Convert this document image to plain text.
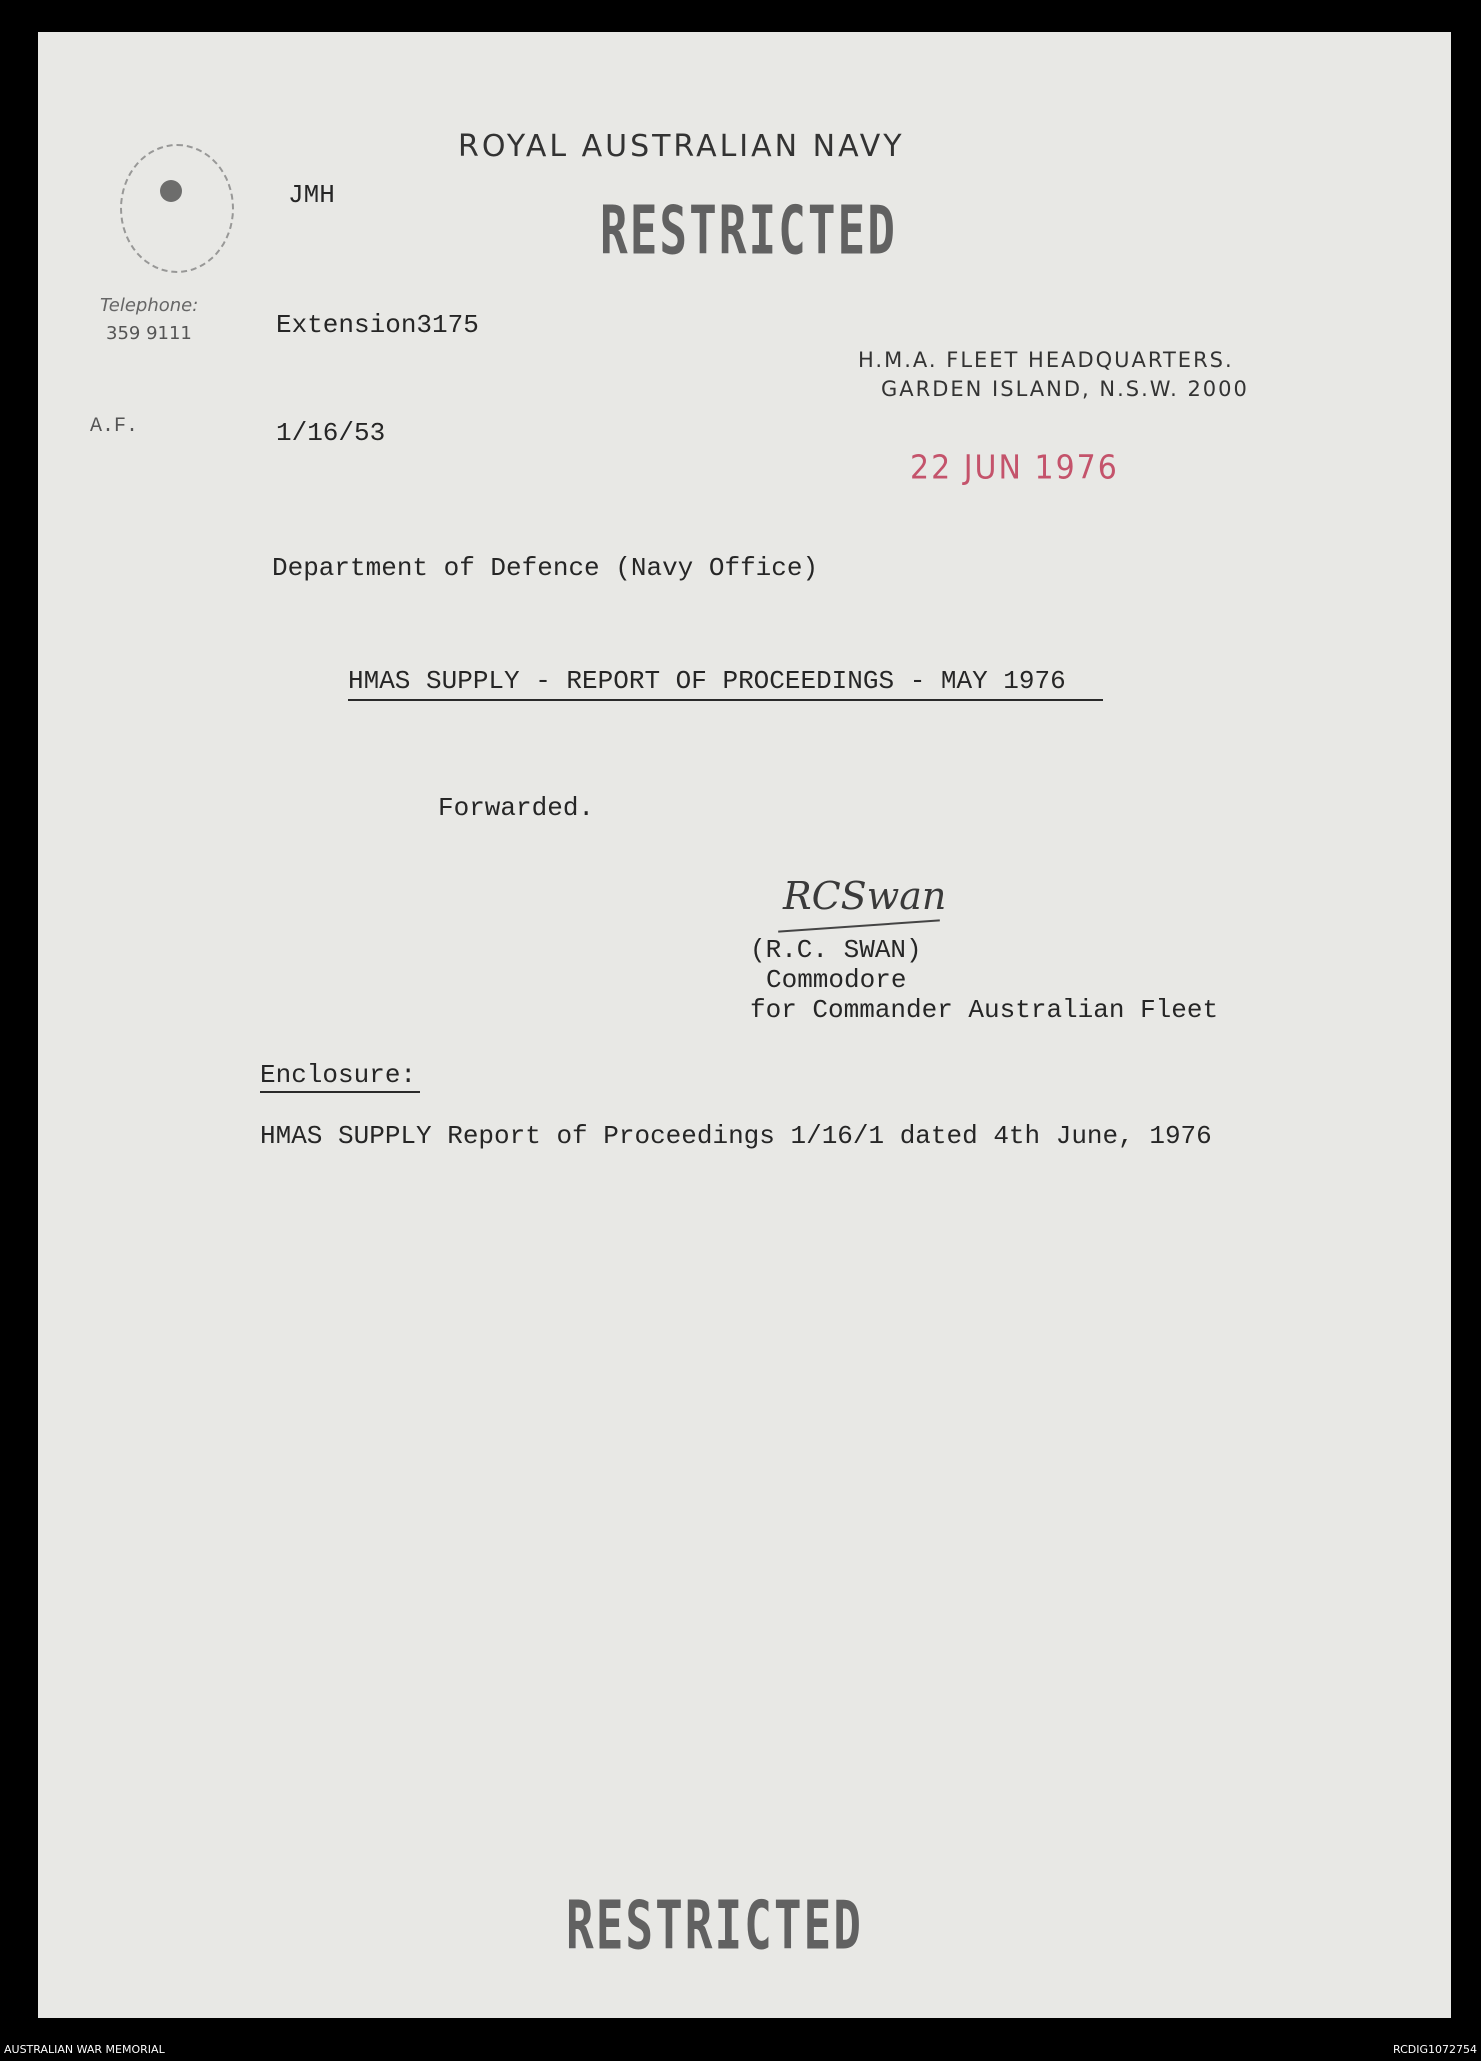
ROYAL AUSTRALIAN NAVY
JMH	RESTRICTED
Telephone:
359 9111	Extension3175
H.M.A. FLEET HEADQUARTERS.
GARDEN ISLAND, N.S.W. 2000
A.F.	1/16/53
22 JUN 1976
Department of Defence (Navy Office)
HMAS SUPPLY - REPORT OF PROCEEDINGS - MAY 1976
Forwarded.
RCSwan
(R.C. SWAN)
Commodore
for Commander Australian Fleet
Enclosure:
HMAS SUPPLY Report of Proceedings 1/16/1 dated 4th June, 1976
RESTRICTED
AUSTRALIAN WAR MEMORIAL	RCDIG1072754
